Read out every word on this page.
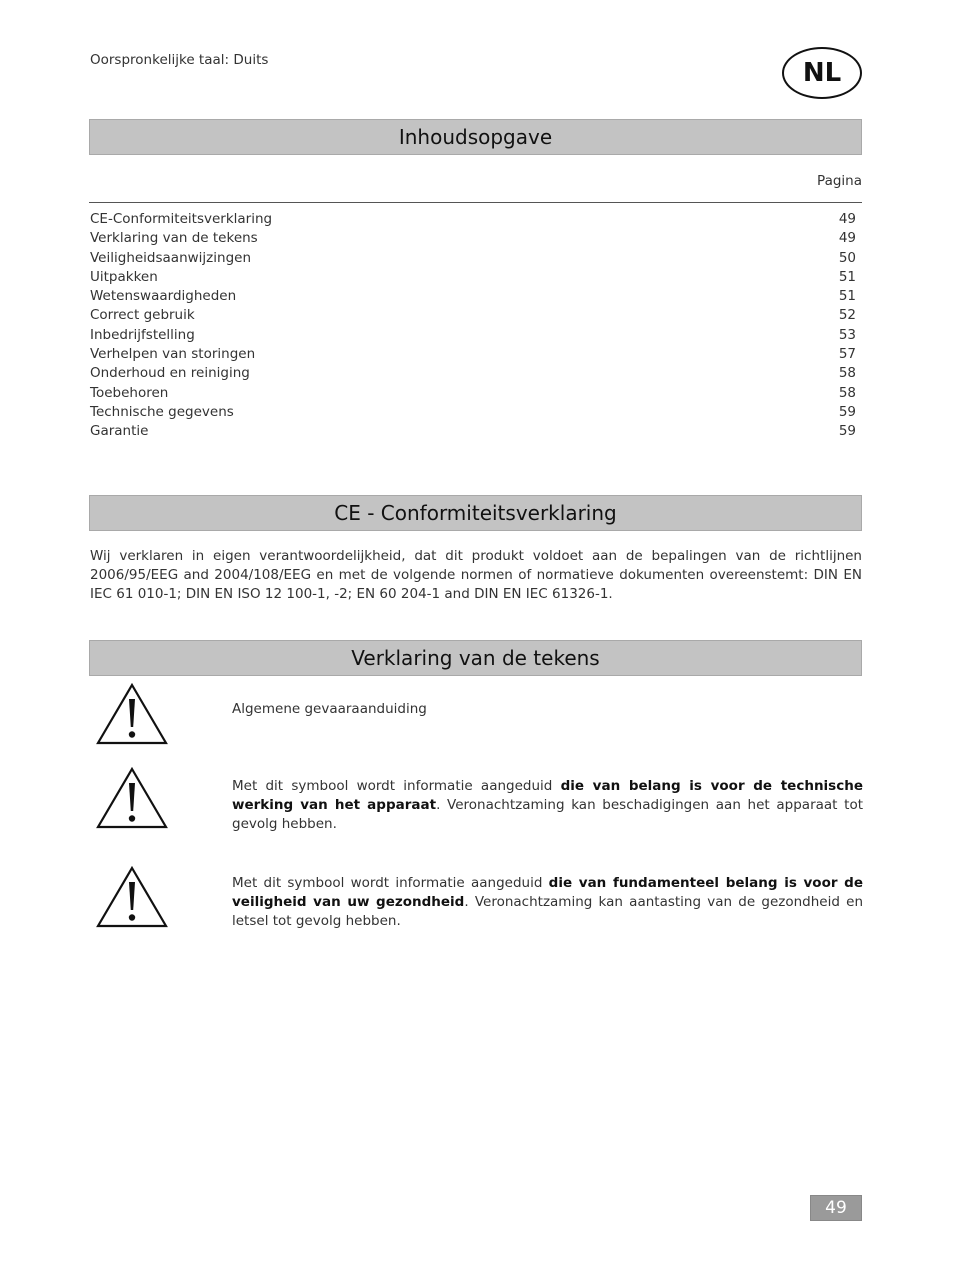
Oorspronkelijke taal: Duits	NL
Inhoudsopgave
Pagina
CE-Conformiteitsverklaring	49
Verklaring van de tekens	49
Veiligheidsaanwijzingen	50
Uitpakken	51
Wetenswaardigheden	51
Correct gebruik	52
Inbedrijfstelling	53
Verhelpen van storingen	57
Onderhoud en reiniging	58
Toebehoren	58
Technische gegevens	59
Garantie	59
CE - Conformiteitsverklaring
Wij verklaren in eigen verantwoordelijkheid, dat dit produkt voldoet aan de bepalingen van de richtlijnen 2006/95/EEG and 2004/108/EEG en met de volgende normen of normatieve dokumenten overeenstemt: DIN EN IEC 61 010-1; DIN EN ISO 12 100-1, -2; EN 60 204-1 and DIN EN IEC 61326-1.
Verklaring van de tekens
Algemene gevaaraanduiding
Met dit symbool wordt informatie aangeduid die van belang is voor de technische werking van het apparaat. Veronachtzaming kan beschadigingen aan het apparaat tot gevolg hebben.
Met dit symbool wordt informatie aangeduid die van fundamenteel belang is voor de veiligheid van uw gezondheid. Veronachtzaming kan aantasting van de gezondheid en letsel tot gevolg hebben.
49
